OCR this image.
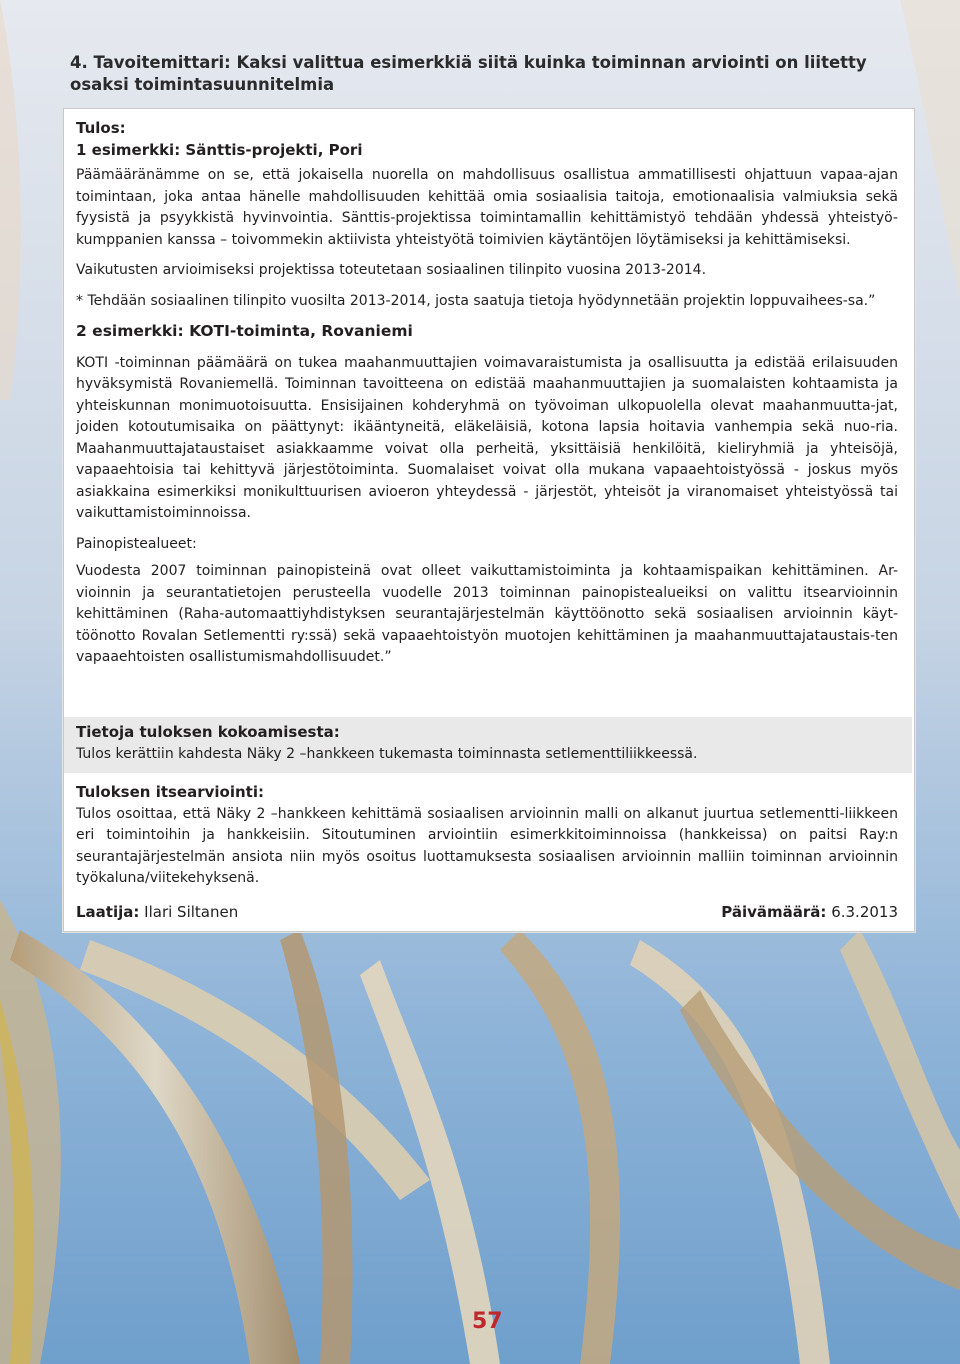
4. Tavoitemittari: Kaksi valittua esimerkkiä siitä kuinka toiminnan arviointi on liitetty osaksi toimintasuunnitelmia

Tulos:

1 esimerkki: Sänttis-projekti, Pori

Päämääränämme on se, että jokaisella nuorella on mahdollisuus osallistua ammatillisesti ohjattuun vapaa-ajan toimintaan, joka antaa hänelle mahdollisuuden kehittää omia sosiaalisia taitoja, emotionaalisia valmiuksia sekä fyysistä ja psyykkistä hyvinvointia. Sänttis-projektissa toimintamallin kehittämistyö tehdään yhdessä yhteistyö-kumppanien kanssa – toivommekin aktiivista yhteistyötä toimivien käytäntöjen löytämiseksi ja kehittämiseksi.

Vaikutusten arvioimiseksi projektissa toteutetaan sosiaalinen tilinpito vuosina 2013-2014.

* Tehdään sosiaalinen tilinpito vuosilta 2013-2014, josta saatuja tietoja hyödynnetään projektin loppuvaihees-sa.”

2 esimerkki: KOTI-toiminta, Rovaniemi

KOTI -toiminnan päämäärä on tukea maahanmuuttajien voimavaraistumista ja osallisuutta ja edistää erilaisuuden hyväksymistä Rovaniemellä. Toiminnan tavoitteena on edistää maahanmuuttajien ja suomalaisten kohtaamista ja yhteiskunnan monimuotoisuutta. Ensisijainen kohderyhmä on työvoiman ulkopuolella olevat maahanmuutta-jat, joiden kotoutumisaika on päättynyt: ikääntyneitä, eläkeläisiä, kotona lapsia hoitavia vanhempia sekä nuo-ria. Maahanmuuttajataustaiset asiakkaamme voivat olla perheitä, yksittäisiä henkilöitä, kieliryhmiä ja yhteisöjä, vapaaehtoisia tai kehittyvä järjestötoiminta. Suomalaiset voivat olla mukana vapaaehtoistyössä - joskus myös asiakkaina esimerkiksi monikulttuurisen avioeron yhteydessä - järjestöt, yhteisöt ja viranomaiset yhteistyössä tai vaikuttamistoiminnoissa.

Painopistealueet:

Vuodesta 2007 toiminnan painopisteinä ovat olleet vaikuttamistoiminta ja kohtaamispaikan kehittäminen. Ar-vioinnin ja seurantatietojen perusteella vuodelle 2013 toiminnan painopistealueiksi on valittu itsearvioinnin kehittäminen (Raha-automaattiyhdistyksen seurantajärjestelmän käyttöönotto sekä sosiaalisen arvioinnin käyt-töönotto Rovalan Setlementti ry:ssä) sekä vapaaehtoistyön muotojen kehittäminen ja maahanmuuttajataustais-ten vapaaehtoisten osallistumismahdollisuudet.”

Tietoja tuloksen kokoamisesta:
Tulos kerättiin kahdesta Näky 2 –hankkeen tukemasta toiminnasta setlementtiliikkeessä.
Tuloksen itsearviointi:
Tulos osoittaa, että Näky 2 –hankkeen kehittämä sosiaalisen arvioinnin malli on alkanut juurtua setlementti-liikkeen eri toimintoihin ja hankkeisiin. Sitoutuminen arviointiin esimerkkitoiminnoissa (hankkeissa) on paitsi Ray:n seurantajärjestelmän ansiota niin myös osoitus luottamuksesta sosiaalisen arvioinnin malliin toiminnan arvioinnin työkaluna/viitekehyksenä.
Laatija: Ilari Siltanen	Päivämäärä: 6.3.2013
57
